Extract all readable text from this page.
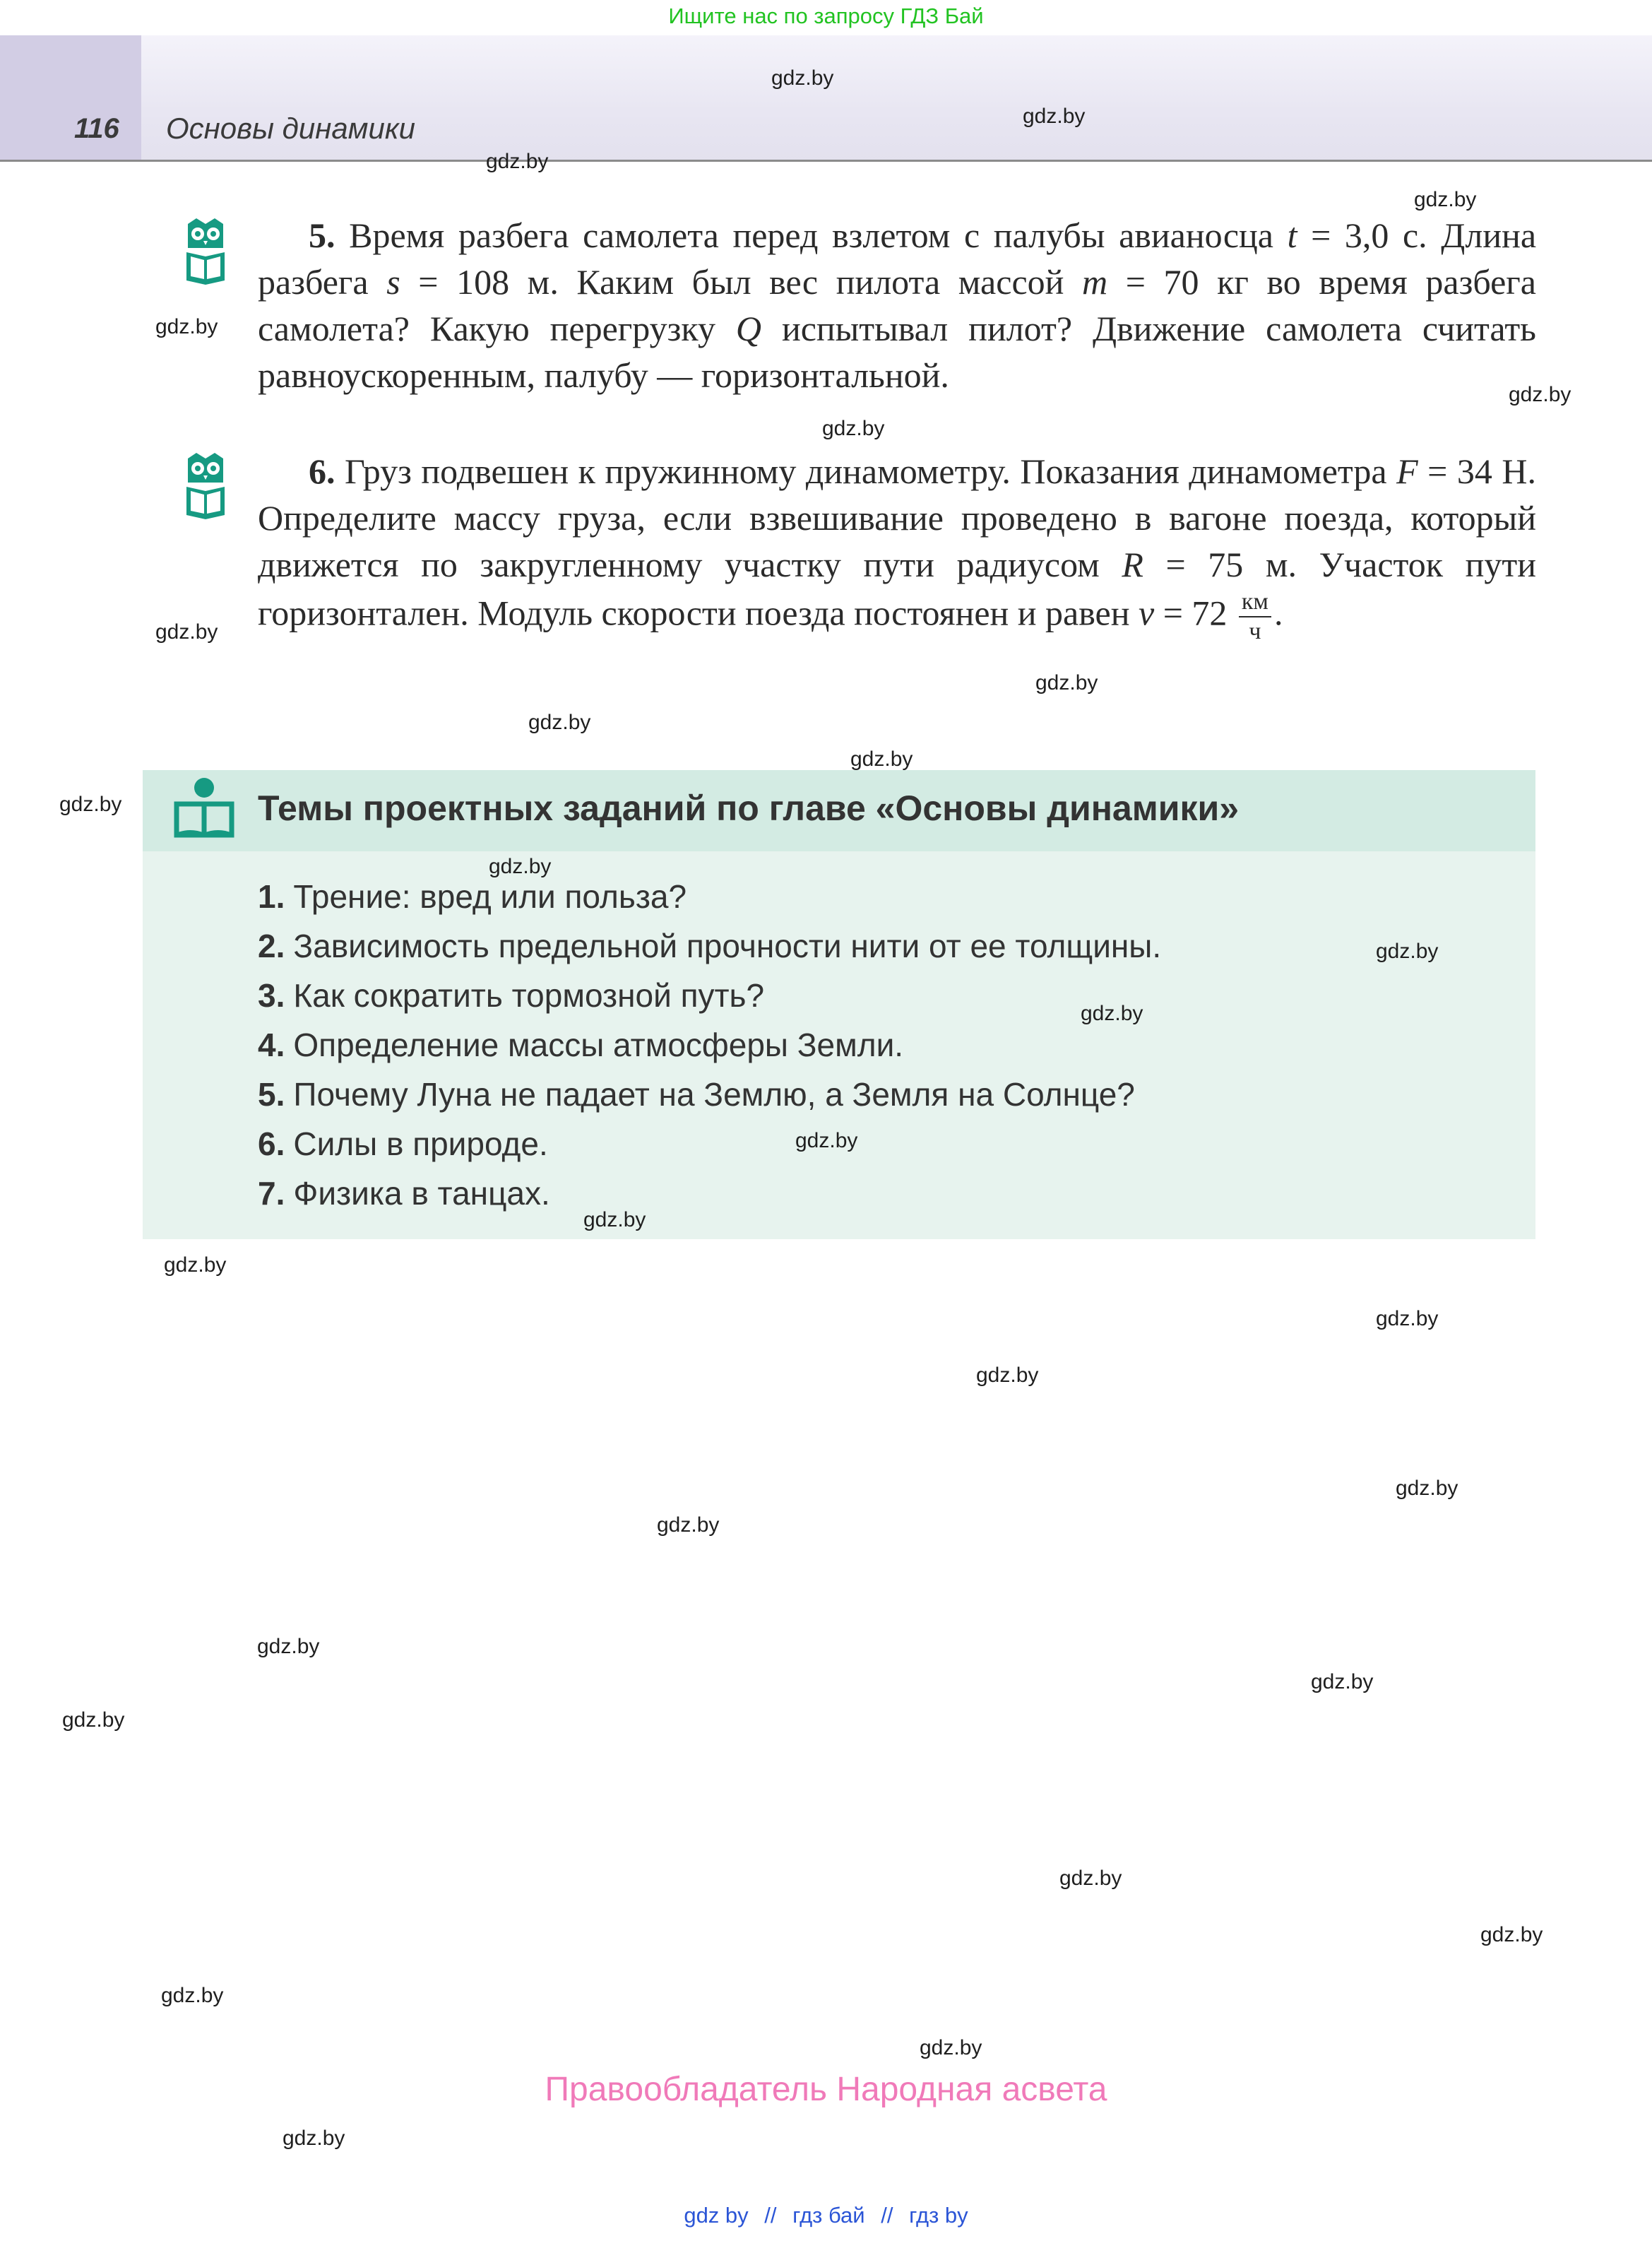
Ищите нас по запросу ГДЗ Бай
116 Основы динамики
5. Время разбега самолета перед взлетом с палубы авианосца t = 3,0 с. Длина разбега s = 108 м. Каким был вес пилота массой m = 70 кг во время разбега самолета? Какую перегрузку Q испытывал пилот? Движение самолета считать равноускоренным, палубу — горизонтальной.
6. Груз подвешен к пружинному динамометру. Показания динамометра F = 34 Н. Определите массу груза, если взвешивание проведено в вагоне поезда, который движется по закругленному участку пути радиусом R = 75 м. Участок пути горизонтален. Модуль скорости поезда постоянен и равен $v = 72 \frac{км}{ч}$ .
Темы проектных заданий по главе «Основы динамики»
1. Трение: вред или польза?
2. Зависимость предельной прочности нити от ее толщины.
3. Как сократить тормозной путь?
4. Определение массы атмосферы Земли.
5. Почему Луна не падает на Землю, а Земля на Солнце?
6. Силы в природе.
7. Физика в танцах.
gdz.by
gdz.by
gdz.by
gdz.by
gdz.by
gdz.by
gdz.by
gdz.by
gdz.by
gdz.by
gdz.by
gdz.by
gdz.by
gdz.by
gdz.by
gdz.by
gdz.by
gdz.by
gdz.by
gdz.by
gdz.by
gdz.by
gdz.by
gdz.by
gdz.by
gdz.by
gdz.by
gdz.by
gdz.by
gdz.by
Правообладатель Народная асвета
gdz by // гдз бай // гдз by
